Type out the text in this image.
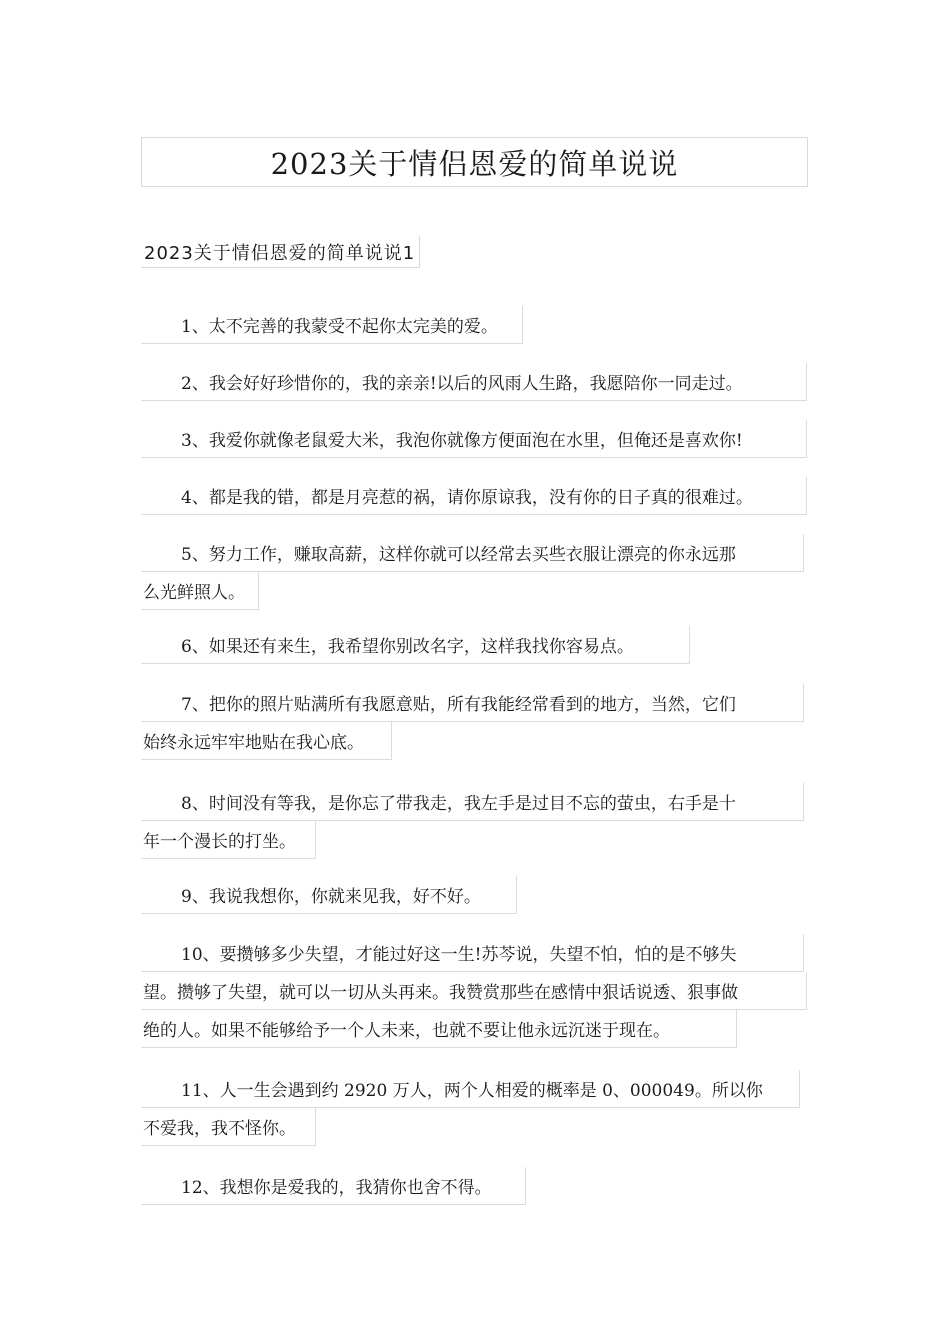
2023关于情侣恩爱的简单说说
2023关于情侣恩爱的简单说说1
1、太不完善的我蒙受不起你太完美的爱。
2、我会好好珍惜你的，我的亲亲!以后的风雨人生路，我愿陪你一同走过。
3、我爱你就像老鼠爱大米，我泡你就像方便面泡在水里，但俺还是喜欢你!
4、都是我的错，都是月亮惹的祸，请你原谅我，没有你的日子真的很难过。
5、努力工作，赚取高薪，这样你就可以经常去买些衣服让漂亮的你永远那
么光鲜照人。
6、如果还有来生，我希望你别改名字，这样我找你容易点。
7、把你的照片贴满所有我愿意贴，所有我能经常看到的地方，当然，它们
始终永远牢牢地贴在我心底。
8、时间没有等我，是你忘了带我走，我左手是过目不忘的萤虫，右手是十
年一个漫长的打坐。
9、我说我想你，你就来见我，好不好。
10、要攒够多少失望，才能过好这一生!苏芩说，失望不怕，怕的是不够失
望。攒够了失望，就可以一切从头再来。我赞赏那些在感情中狠话说透、狠事做
绝的人。如果不能够给予一个人未来，也就不要让他永远沉迷于现在。
11、人一生会遇到约 2920 万人，两个人相爱的概率是 0、000049。所以你
不爱我，我不怪你。
12、我想你是爱我的，我猜你也舍不得。
